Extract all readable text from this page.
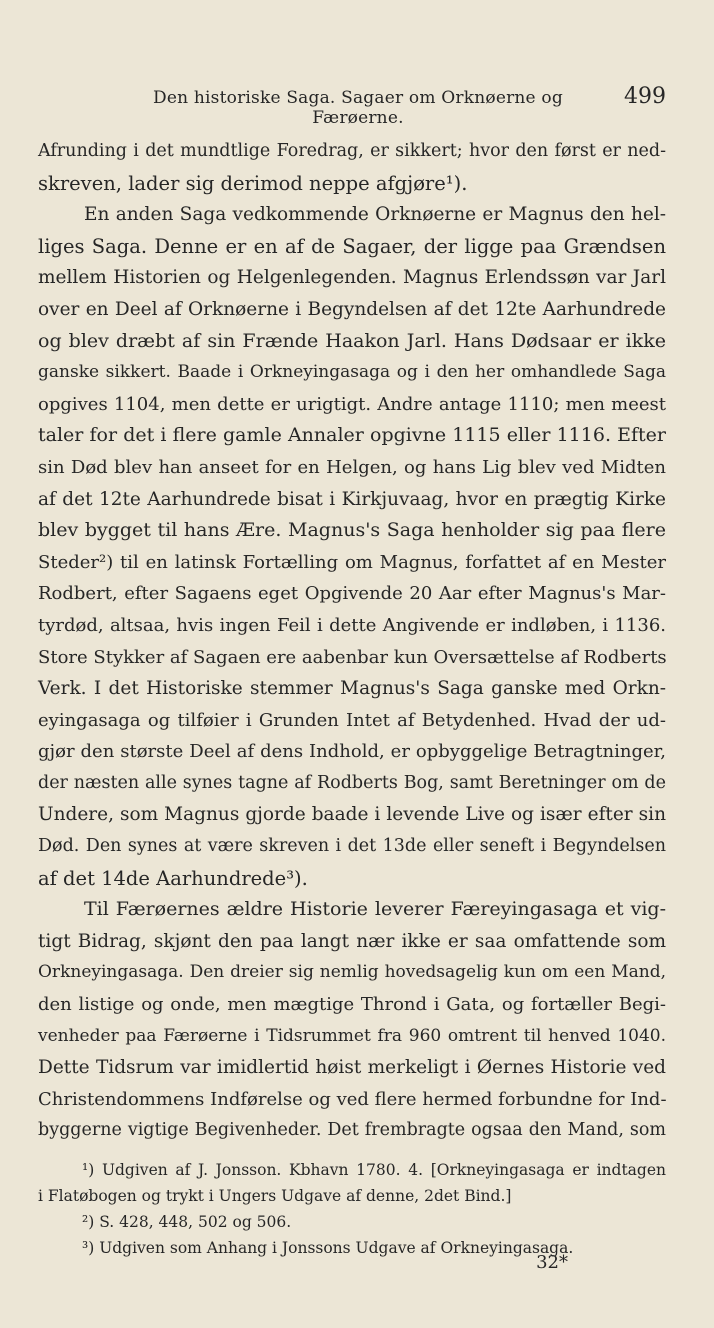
Den historiske Saga. Sagaer om Orknøerne og Færøerne.
499
Afrunding i det mundtlige Foredrag, er sikkert; hvor den først er ned-
skreven, lader sig derimod neppe afgjøre¹).
En anden Saga vedkommende Orknøerne er Magnus den hel-
liges Saga. Denne er en af de Sagaer, der ligge paa Grændsen
mellem Historien og Helgenlegenden. Magnus Erlendssøn var Jarl
over en Deel af Orknøerne i Begyndelsen af det 12te Aarhundrede
og blev dræbt af sin Frænde Haakon Jarl. Hans Dødsaar er ikke
ganske sikkert. Baade i Orkneyingasaga og i den her omhandlede Saga
opgives 1104, men dette er urigtigt. Andre antage 1110; men meest
taler for det i flere gamle Annaler opgivne 1115 eller 1116. Efter
sin Død blev han anseet for en Helgen, og hans Lig blev ved Midten
af det 12te Aarhundrede bisat i Kirkjuvaag, hvor en prægtig Kirke
blev bygget til hans Ære. Magnus's Saga henholder sig paa flere
Steder²) til en latinsk Fortælling om Magnus, forfattet af en Mester
Rodbert, efter Sagaens eget Opgivende 20 Aar efter Magnus's Mar-
tyrdød, altsaa, hvis ingen Feil i dette Angivende er indløben, i 1136.
Store Stykker af Sagaen ere aabenbar kun Oversættelse af Rodberts
Verk. I det Historiske stemmer Magnus's Saga ganske med Orkn-
eyingasaga og tilføier i Grunden Intet af Betydenhed. Hvad der ud-
gjør den største Deel af dens Indhold, er opbyggelige Betragtninger,
der næsten alle synes tagne af Rodberts Bog, samt Beretninger om de
Undere, som Magnus gjorde baade i levende Live og især efter sin
Død. Den synes at være skreven i det 13de eller seneft i Begyndelsen
af det 14de Aarhundrede³).
Til Færøernes ældre Historie leverer Færeyingasaga et vig-
tigt Bidrag, skjønt den paa langt nær ikke er saa omfattende som
Orkneyingasaga. Den dreier sig nemlig hovedsagelig kun om een Mand,
den listige og onde, men mægtige Thrond i Gata, og fortæller Begi-
venheder paa Færøerne i Tidsrummet fra 960 omtrent til henved 1040.
Dette Tidsrum var imidlertid høist merkeligt i Øernes Historie ved
Christendommens Indførelse og ved flere hermed forbundne for Ind-
byggerne vigtige Begivenheder. Det frembragte ogsaa den Mand, som
¹) Udgiven af J. Jonsson. Kbhavn 1780. 4. [Orkneyingasaga er indtagen
i Flatøbogen og trykt i Ungers Udgave af denne, 2det Bind.]
²) S. 428, 448, 502 og 506.
³) Udgiven som Anhang i Jonssons Udgave af Orkneyingasaga.
32*
